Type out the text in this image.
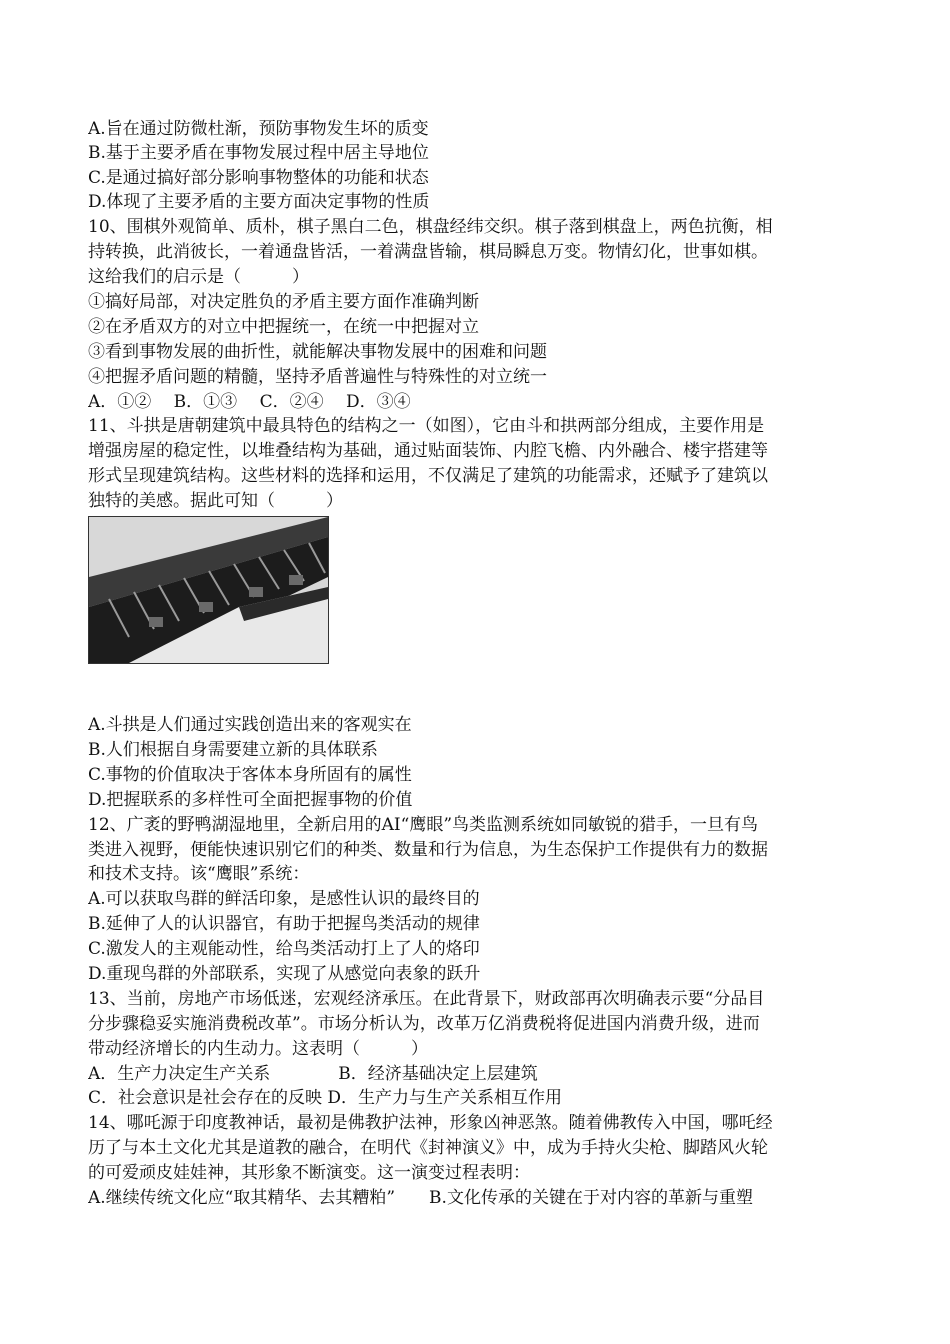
A.旨在通过防微杜渐，预防事物发生坏的质变
B.基于主要矛盾在事物发展过程中居主导地位
C.是通过搞好部分影响事物整体的功能和状态
D.体现了主要矛盾的主要方面决定事物的性质
10、围棋外观简单、质朴，棋子黑白二色，棋盘经纬交织。棋子落到棋盘上，两色抗衡，相
持转换，此消彼长，一着通盘皆活，一着满盘皆输，棋局瞬息万变。物情幻化，世事如棋。
这给我们的启示是（　　　）
①搞好局部，对决定胜负的矛盾主要方面作准确判断
②在矛盾双方的对立中把握统一，在统一中把握对立
③看到事物发展的曲折性，就能解决事物发展中的困难和问题
④把握矛盾问题的精髓，坚持矛盾普遍性与特殊性的对立统一
A．①②　 B．①③　 C．②④　 D．③④
11、斗拱是唐朝建筑中最具特色的结构之一（如图），它由斗和拱两部分组成，主要作用是
增强房屋的稳定性，以堆叠结构为基础，通过贴面装饰、内腔飞檐、内外融合、楼宇搭建等
形式呈现建筑结构。这些材料的选择和运用，不仅满足了建筑的功能需求，还赋予了建筑以
独特的美感。据此可知（　　　）
A.斗拱是人们通过实践创造出来的客观实在
B.人们根据自身需要建立新的具体联系
C.事物的价值取决于客体本身所固有的属性
D.把握联系的多样性可全面把握事物的价值
12、广袤的野鸭湖湿地里，全新启用的AI“鹰眼”鸟类监测系统如同敏锐的猎手，一旦有鸟
类进入视野，便能快速识别它们的种类、数量和行为信息，为生态保护工作提供有力的数据
和技术支持。该“鹰眼”系统：
A.可以获取鸟群的鲜活印象，是感性认识的最终目的
B.延伸了人的认识器官，有助于把握鸟类活动的规律
C.激发人的主观能动性，给鸟类活动打上了人的烙印
D.重现鸟群的外部联系，实现了从感觉向表象的跃升
13、当前，房地产市场低迷，宏观经济承压。在此背景下，财政部再次明确表示要“分品目
分步骤稳妥实施消费税改革”。市场分析认为，改革万亿消费税将促进国内消费升级，进而
带动经济增长的内生动力。这表明（　　　）
A．生产力决定生产关系　　　　B．经济基础决定上层建筑
C．社会意识是社会存在的反映 D．生产力与生产关系相互作用
14、哪吒源于印度教神话，最初是佛教护法神，形象凶神恶煞。随着佛教传入中国，哪吒经
历了与本土文化尤其是道教的融合，在明代《封神演义》中，成为手持火尖枪、脚踏风火轮
的可爱顽皮娃娃神，其形象不断演变。这一演变过程表明：
A.继续传统文化应“取其精华、去其糟粕”　　B.文化传承的关键在于对内容的革新与重塑
